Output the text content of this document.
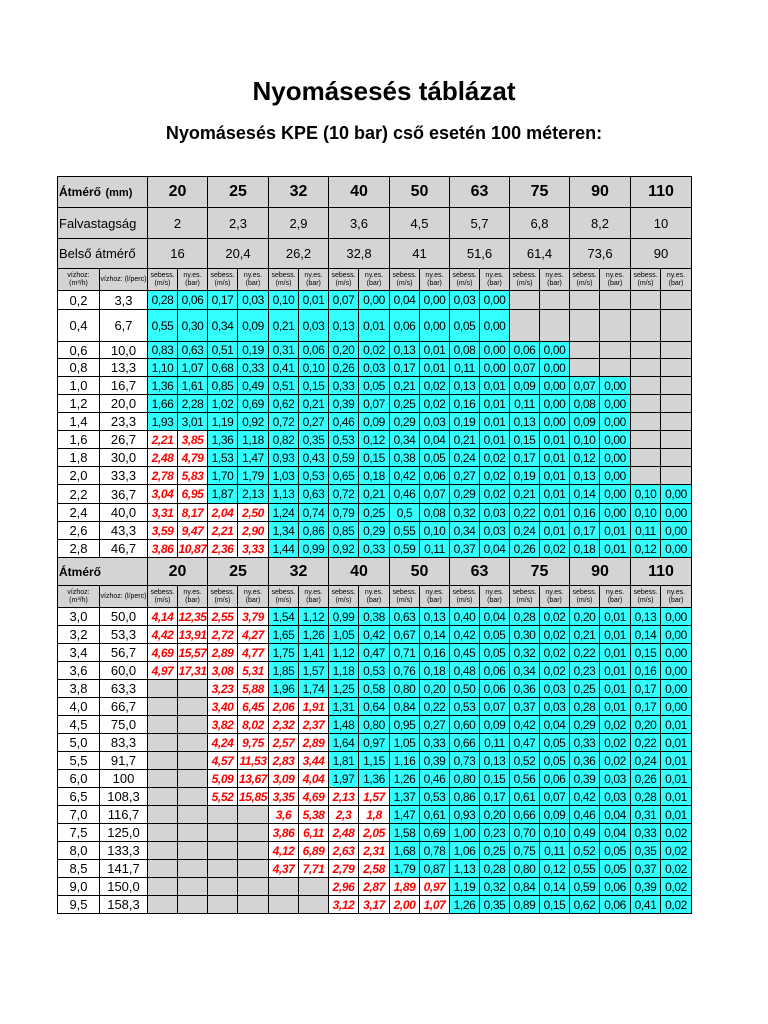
Nyomásesés táblázat
Nyomásesés KPE (10 bar) cső esetén 100 méteren:
Átmérő (mm)		20		25		32		40		50		63		75		90		110	
Falvastagság		2		2,3		2,9		3,6		4,5		5,7		6,8		8,2		10	
Belső átmérő		16		20,4		26,2		32,8		41		51,6		61,4		73,6		90	
vízhoz: (m³/h)	vízhoz: (l/perc)	sebess. (m/s)	ny.es. (bar)	sebess. (m/s)	ny.es. (bar)	sebess. (m/s)	ny.es. (bar)	sebess. (m/s)	ny.es. (bar)	sebess. (m/s)	ny.es. (bar)	sebess. (m/s)	ny.es. (bar)	sebess. (m/s)	ny.es. (bar)	sebess. (m/s)	ny.es. (bar)	sebess. (m/s)	ny.es. (bar)
0,2	3,3	0,28	0,06	0,17	0,03	0,10	0,01	0,07	0,00	0,04	0,00	0,03	0,00						
0,4	6,7	0,55	0,30	0,34	0,09	0,21	0,03	0,13	0,01	0,06	0,00	0,05	0,00						
0,6	10,0	0,83	0,63	0,51	0,19	0,31	0,06	0,20	0,02	0,13	0,01	0,08	0,00	0,06	0,00				
0,8	13,3	1,10	1,07	0,68	0,33	0,41	0,10	0,26	0,03	0,17	0,01	0,11	0,00	0,07	0,00				
1,0	16,7	1,36	1,61	0,85	0,49	0,51	0,15	0,33	0,05	0,21	0,02	0,13	0,01	0,09	0,00	0,07	0,00		
1,2	20,0	1,66	2,28	1,02	0,69	0,62	0,21	0,39	0,07	0,25	0,02	0,16	0,01	0,11	0,00	0,08	0,00		
1,4	23,3	1,93	3,01	1,19	0,92	0,72	0,27	0,46	0,09	0,29	0,03	0,19	0,01	0,13	0,00	0,09	0,00		
1,6	26,7	2,21	3,85	1,36	1,18	0,82	0,35	0,53	0,12	0,34	0,04	0,21	0,01	0,15	0,01	0,10	0,00		
1,8	30,0	2,48	4,79	1,53	1,47	0,93	0,43	0,59	0,15	0,38	0,05	0,24	0,02	0,17	0,01	0,12	0,00		
2,0	33,3	2,78	5,83	1,70	1,79	1,03	0,53	0,65	0,18	0,42	0,06	0,27	0,02	0,19	0,01	0,13	0,00		
2,2	36,7	3,04	6,95	1,87	2,13	1,13	0,63	0,72	0,21	0,46	0,07	0,29	0,02	0,21	0,01	0,14	0,00	0,10	0,00
2,4	40,0	3,31	8,17	2,04	2,50	1,24	0,74	0,79	0,25	0,5	0,08	0,32	0,03	0,22	0,01	0,16	0,00	0,10	0,00
2,6	43,3	3,59	9,47	2,21	2,90	1,34	0,86	0,85	0,29	0,55	0,10	0,34	0,03	0,24	0,01	0,17	0,01	0,11	0,00
2,8	46,7	3,86	10,87	2,36	3,33	1,44	0,99	0,92	0,33	0,59	0,11	0,37	0,04	0,26	0,02	0,18	0,01	0,12	0,00
Átmérő		20		25		32		40		50		63		75		90		110	
vízhoz: (m³/h)	vízhoz: (l/perc)	sebess. (m/s)	ny.es. (bar)	sebess. (m/s)	ny.es. (bar)	sebess. (m/s)	ny.es. (bar)	sebess. (m/s)	ny.es. (bar)	sebess. (m/s)	ny.es. (bar)	sebess. (m/s)	ny.es. (bar)	sebess. (m/s)	ny.es. (bar)	sebess. (m/s)	ny.es. (bar)	sebess. (m/s)	ny.es. (bar)
3,0	50,0	4,14	12,35	2,55	3,79	1,54	1,12	0,99	0,38	0,63	0,13	0,40	0,04	0,28	0,02	0,20	0,01	0,13	0,00
3,2	53,3	4,42	13,91	2,72	4,27	1,65	1,26	1,05	0,42	0,67	0,14	0,42	0,05	0,30	0,02	0,21	0,01	0,14	0,00
3,4	56,7	4,69	15,57	2,89	4,77	1,75	1,41	1,12	0,47	0,71	0,16	0,45	0,05	0,32	0,02	0,22	0,01	0,15	0,00
3,6	60,0	4,97	17,31	3,08	5,31	1,85	1,57	1,18	0,53	0,76	0,18	0,48	0,06	0,34	0,02	0,23	0,01	0,16	0,00
3,8	63,3			3,23	5,88	1,96	1,74	1,25	0,58	0,80	0,20	0,50	0,06	0,36	0,03	0,25	0,01	0,17	0,00
4,0	66,7			3,40	6,45	2,06	1,91	1,31	0,64	0,84	0,22	0,53	0,07	0,37	0,03	0,28	0,01	0,17	0,00
4,5	75,0			3,82	8,02	2,32	2,37	1,48	0,80	0,95	0,27	0,60	0,09	0,42	0,04	0,29	0,02	0,20	0,01
5,0	83,3			4,24	9,75	2,57	2,89	1,64	0,97	1,05	0,33	0,66	0,11	0,47	0,05	0,33	0,02	0,22	0,01
5,5	91,7			4,57	11,53	2,83	3,44	1,81	1,15	1,16	0,39	0,73	0,13	0,52	0,05	0,36	0,02	0,24	0,01
6,0	100			5,09	13,67	3,09	4,04	1,97	1,36	1,26	0,46	0,80	0,15	0,56	0,06	0,39	0,03	0,26	0,01
6,5	108,3			5,52	15,85	3,35	4,69	2,13	1,57	1,37	0,53	0,86	0,17	0,61	0,07	0,42	0,03	0,28	0,01
7,0	116,7					3,6	5,38	2,3	1,8	1,47	0,61	0,93	0,20	0,66	0,09	0,46	0,04	0,31	0,01
7,5	125,0					3,86	6,11	2,48	2,05	1,58	0,69	1,00	0,23	0,70	0,10	0,49	0,04	0,33	0,02
8,0	133,3					4,12	6,89	2,63	2,31	1,68	0,78	1,06	0,25	0,75	0,11	0,52	0,05	0,35	0,02
8,5	141,7					4,37	7,71	2,79	2,58	1,79	0,87	1,13	0,28	0,80	0,12	0,55	0,05	0,37	0,02
9,0	150,0							2,96	2,87	1,89	0,97	1,19	0,32	0,84	0,14	0,59	0,06	0,39	0,02
9,5	158,3							3,12	3,17	2,00	1,07	1,26	0,35	0,89	0,15	0,62	0,06	0,41	0,02
